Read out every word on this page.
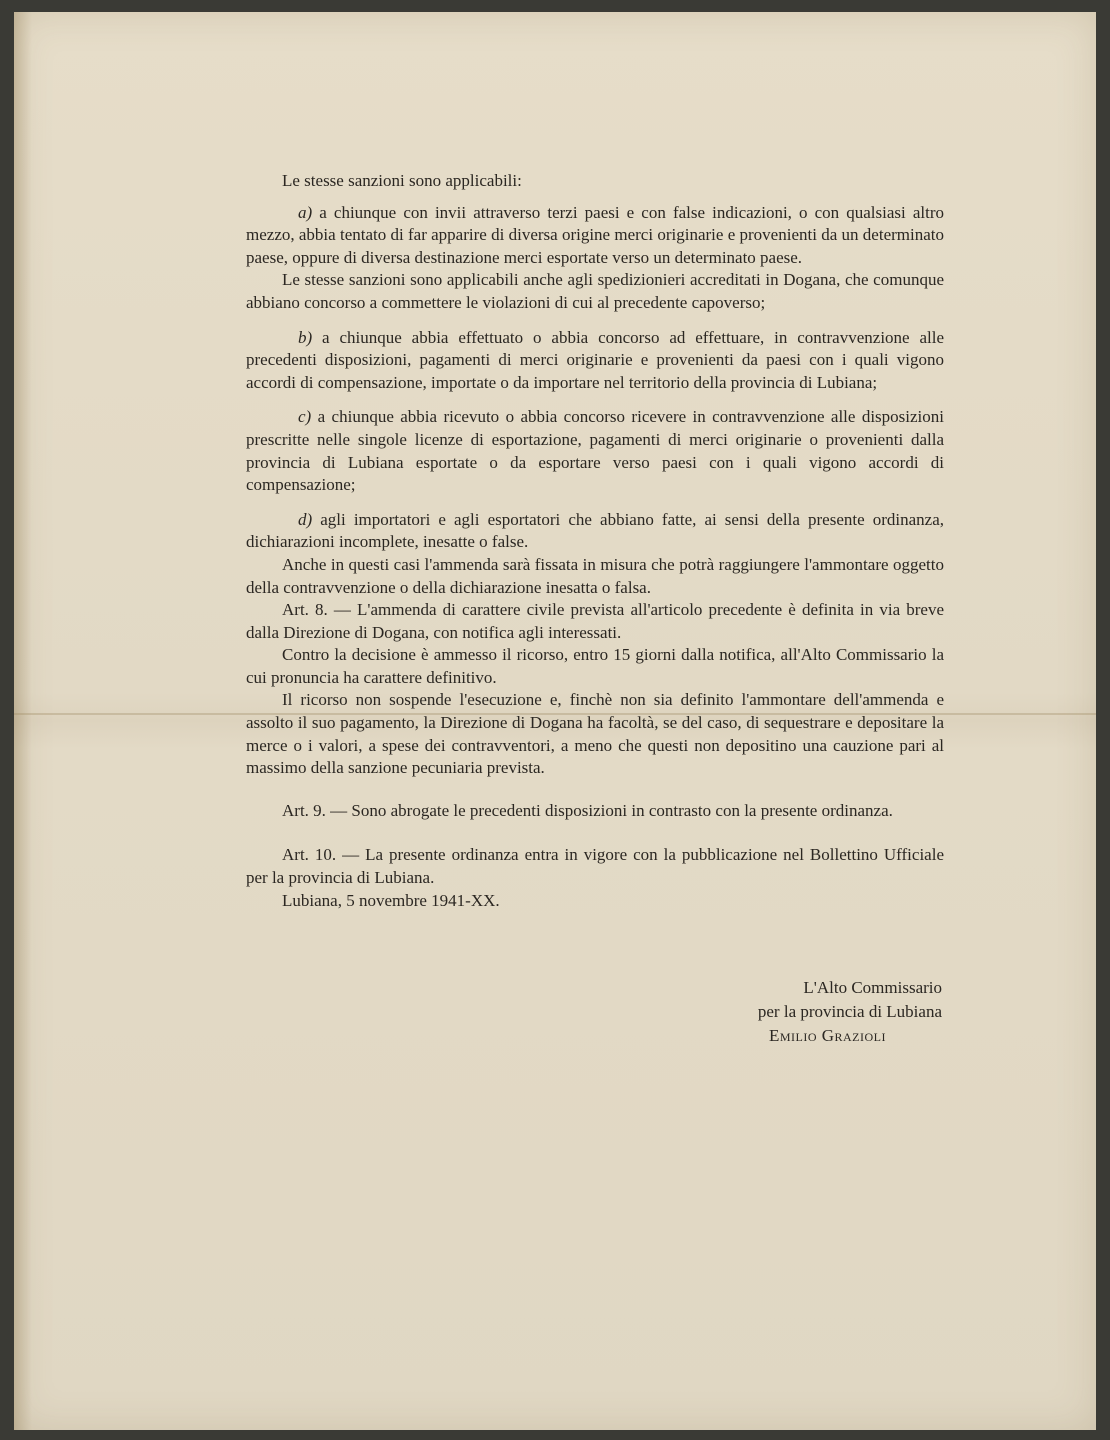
Le stesse sanzioni sono applicabili:

a) a chiunque con invii attraverso terzi paesi e con false indicazioni, o con qualsiasi altro mezzo, abbia tentato di far apparire di diversa origine merci originarie e provenienti da un determinato paese, oppure di diversa destinazione merci esportate verso un determinato paese.

Le stesse sanzioni sono applicabili anche agli spedizionieri accreditati in Dogana, che comunque abbiano concorso a commettere le violazioni di cui al precedente capoverso;

b) a chiunque abbia effettuato o abbia concorso ad effettuare, in contravvenzione alle precedenti disposizioni, pagamenti di merci originarie e provenienti da paesi con i quali vigono accordi di compensazione, importate o da importare nel territorio della provincia di Lubiana;

c) a chiunque abbia ricevuto o abbia concorso ricevere in contravvenzione alle disposizioni prescritte nelle singole licenze di esportazione, pagamenti di merci originarie o provenienti dalla provincia di Lubiana esportate o da esportare verso paesi con i quali vigono accordi di compensazione;

d) agli importatori e agli esportatori che abbiano fatte, ai sensi della presente ordinanza, dichiarazioni incomplete, inesatte o false.

Anche in questi casi l'ammenda sarà fissata in misura che potrà raggiungere l'ammontare oggetto della contravvenzione o della dichiarazione inesatta o falsa.

Art. 8. — L'ammenda di carattere civile prevista all'articolo precedente è definita in via breve dalla Direzione di Dogana, con notifica agli interessati.

Contro la decisione è ammesso il ricorso, entro 15 giorni dalla notifica, all'Alto Commissario la cui pronuncia ha carattere definitivo.

Il ricorso non sospende l'esecuzione e, finchè non sia definito l'ammontare dell'ammenda e assolto il suo pagamento, la Direzione di Dogana ha facoltà, se del caso, di sequestrare e depositare la merce o i valori, a spese dei contravventori, a meno che questi non depositino una cauzione pari al massimo della sanzione pecuniaria prevista.

Art. 9. — Sono abrogate le precedenti disposizioni in contrasto con la presente ordinanza.

Art. 10. — La presente ordinanza entra in vigore con la pubblicazione nel Bollettino Ufficiale per la provincia di Lubiana.

Lubiana, 5 novembre 1941-XX.

L'Alto Commissario
per la provincia di Lubiana
Emilio Grazioli
